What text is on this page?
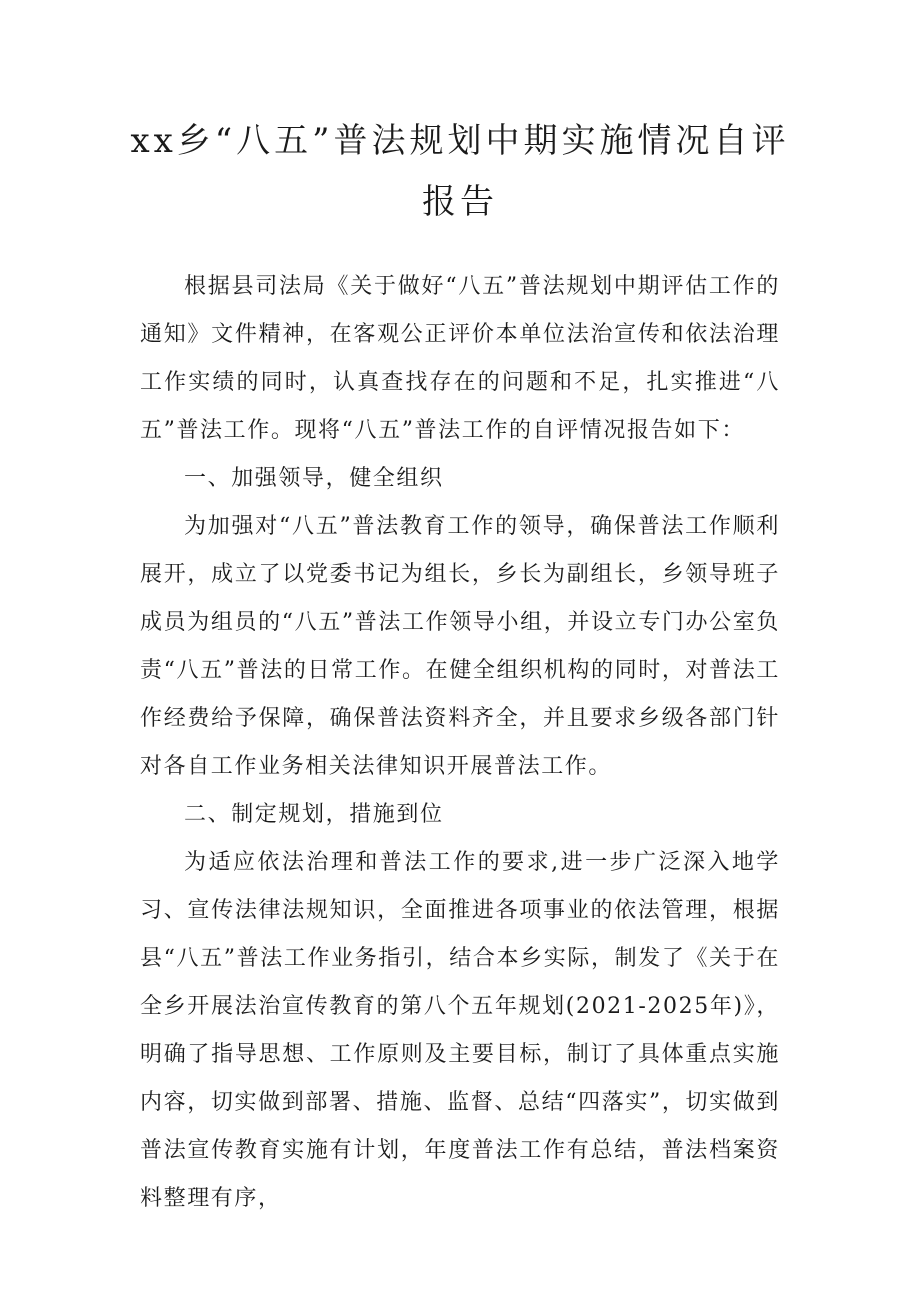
xx乡“八五”普法规划中期实施情况自评
报告

根据县司法局《关于做好“八五”普法规划中期评估工作的通知》文件精神，在客观公正评价本单位法治宣传和依法治理工作实绩的同时，认真查找存在的问题和不足，扎实推进“八五”普法工作。现将“八五”普法工作的自评情况报告如下：

一、加强领导，健全组织

为加强对“八五”普法教育工作的领导，确保普法工作顺利展开，成立了以党委书记为组长，乡长为副组长，乡领导班子成员为组员的“八五”普法工作领导小组，并设立专门办公室负责“八五”普法的日常工作。在健全组织机构的同时，对普法工作经费给予保障，确保普法资料齐全，并且要求乡级各部门针对各自工作业务相关法律知识开展普法工作。

二、制定规划，措施到位

为适应依法治理和普法工作的要求,进一步广泛深入地学习、宣传法律法规知识，全面推进各项事业的依法管理，根据县“八五”普法工作业务指引，结合本乡实际，制发了《关于在全乡开展法治宣传教育的第八个五年规划(2021-2025年)》，明确了指导思想、工作原则及主要目标，制订了具体重点实施内容，切实做到部署、措施、监督、总结“四落实”，切实做到普法宣传教育实施有计划，年度普法工作有总结，普法档案资料整理有序，
